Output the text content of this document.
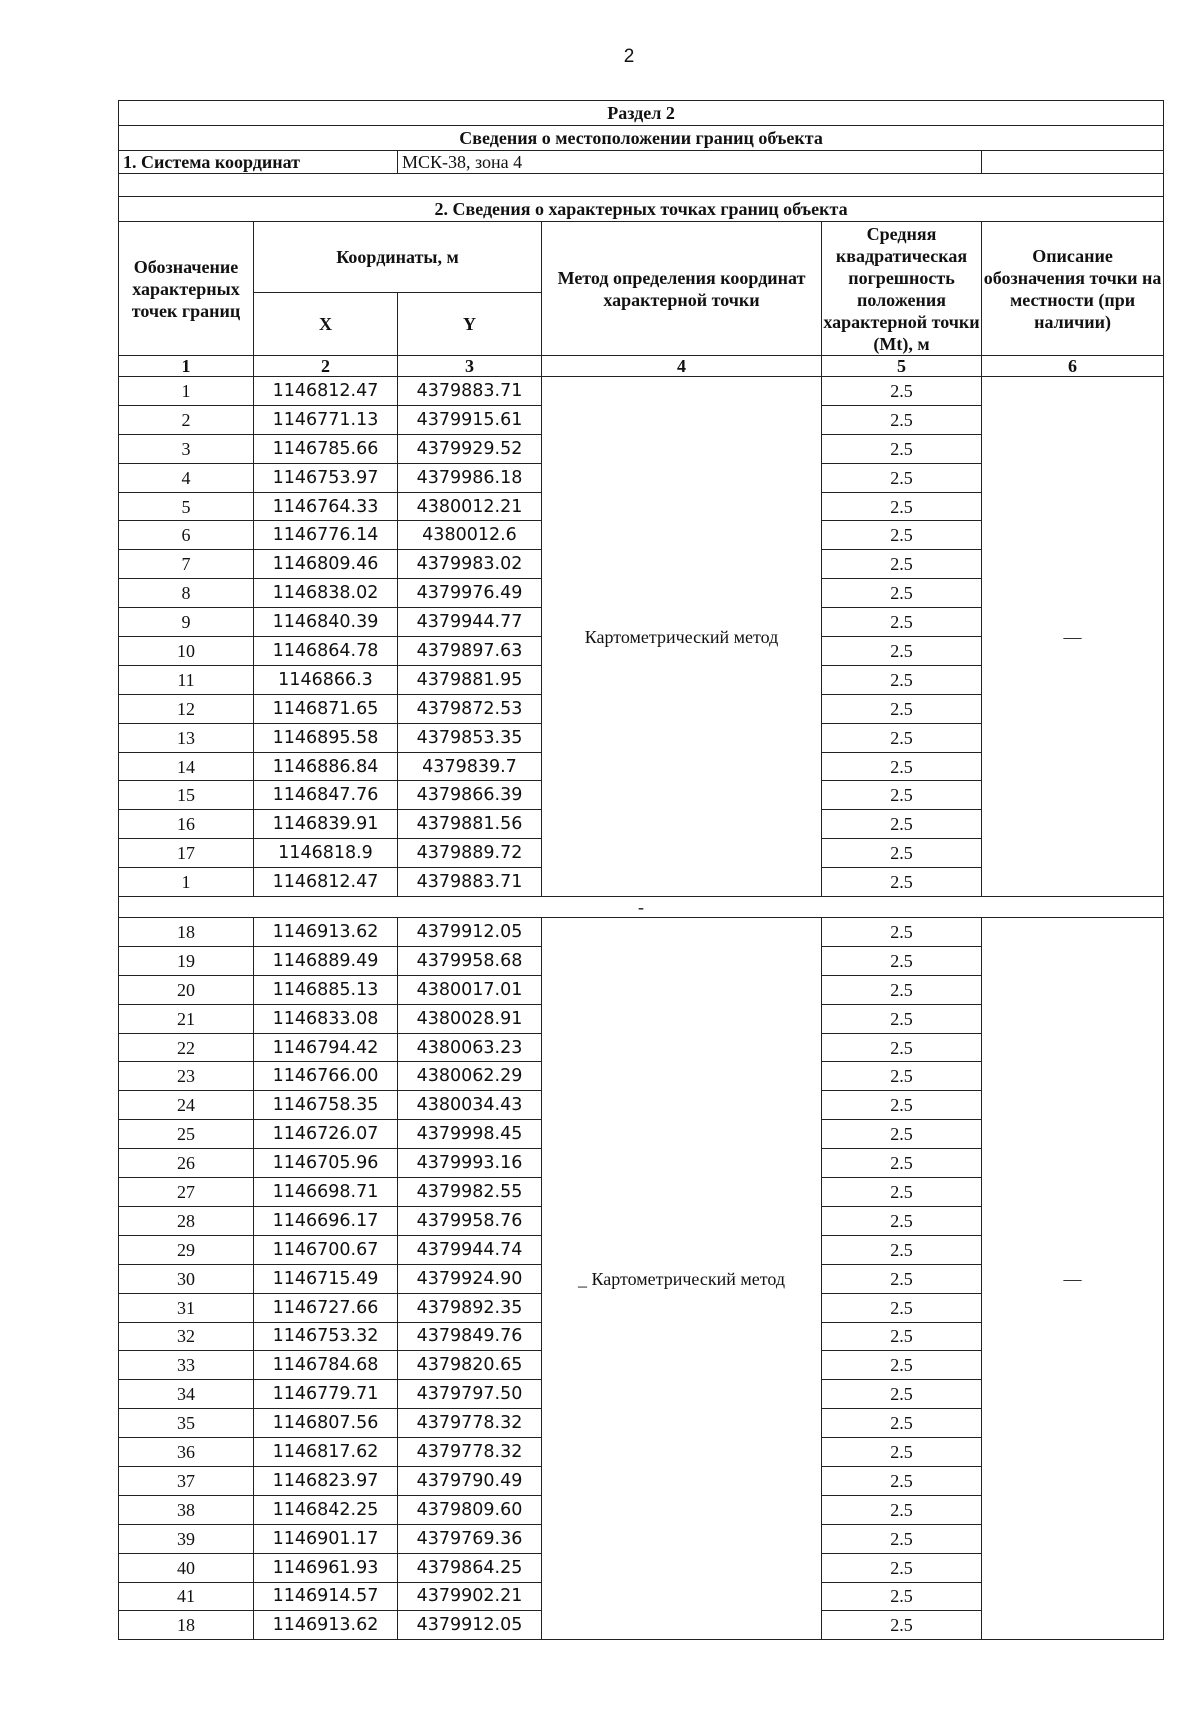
2
Раздел 2					
Сведения о местоположении границ объекта					
1. Система координат		МСК-38, зона 4			

2. Сведения о характерных точках границ объекта					
Обозначение характерных точек границ	Координаты, м		Метод определения координат характерной точки	Средняя квадратическая погрешность положения характерной точки (Mt), м	Описание обозначения точки на местности (при наличии)
	X	Y			
1	2	3	4	5	6
1	1146812.47	4379883.71	Картометрический метод	2.5	—
2	1146771.13	4379915.61		2.5	
3	1146785.66	4379929.52		2.5	
4	1146753.97	4379986.18		2.5	
5	1146764.33	4380012.21		2.5	
6	1146776.14	4380012.6		2.5	
7	1146809.46	4379983.02		2.5	
8	1146838.02	4379976.49		2.5	
9	1146840.39	4379944.77		2.5	
10	1146864.78	4379897.63		2.5	
11	1146866.3	4379881.95		2.5	
12	1146871.65	4379872.53		2.5	
13	1146895.58	4379853.35		2.5	
14	1146886.84	4379839.7		2.5	
15	1146847.76	4379866.39		2.5	
16	1146839.91	4379881.56		2.5	
17	1146818.9	4379889.72		2.5	
1	1146812.47	4379883.71		2.5	
-					
18	1146913.62	4379912.05	_ Картометрический метод	2.5	—
19	1146889.49	4379958.68		2.5	
20	1146885.13	4380017.01		2.5	
21	1146833.08	4380028.91		2.5	
22	1146794.42	4380063.23		2.5	
23	1146766.00	4380062.29		2.5	
24	1146758.35	4380034.43		2.5	
25	1146726.07	4379998.45		2.5	
26	1146705.96	4379993.16		2.5	
27	1146698.71	4379982.55		2.5	
28	1146696.17	4379958.76		2.5	
29	1146700.67	4379944.74		2.5	
30	1146715.49	4379924.90		2.5	
31	1146727.66	4379892.35		2.5	
32	1146753.32	4379849.76		2.5	
33	1146784.68	4379820.65		2.5	
34	1146779.71	4379797.50		2.5	
35	1146807.56	4379778.32		2.5	
36	1146817.62	4379778.32		2.5	
37	1146823.97	4379790.49		2.5	
38	1146842.25	4379809.60		2.5	
39	1146901.17	4379769.36		2.5	
40	1146961.93	4379864.25		2.5	
41	1146914.57	4379902.21		2.5	
18	1146913.62	4379912.05		2.5	
